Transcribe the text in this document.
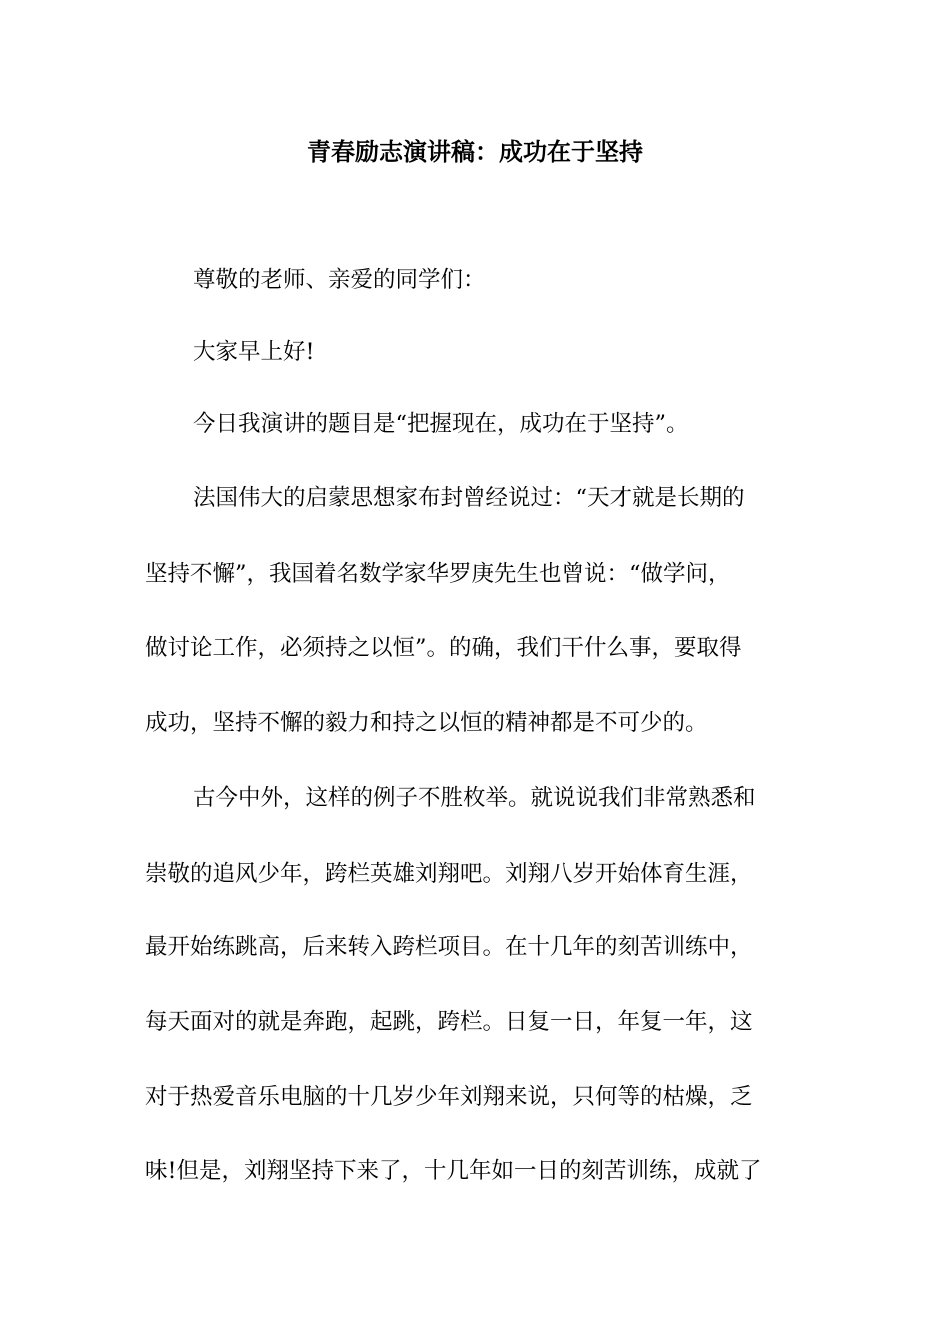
青春励志演讲稿：成功在于坚持

尊敬的老师、亲爱的同学们：

大家早上好!

今日我演讲的题目是“把握现在，成功在于坚持”。

法国伟大的启蒙思想家布封曾经说过：“天才就是长期的

坚持不懈”，我国着名数学家华罗庚先生也曾说：“做学问，

做讨论工作，必须持之以恒”。的确，我们干什么事，要取得

成功，坚持不懈的毅力和持之以恒的精神都是不可少的。

古今中外，这样的例子不胜枚举。就说说我们非常熟悉和

崇敬的追风少年，跨栏英雄刘翔吧。刘翔八岁开始体育生涯，

最开始练跳高，后来转入跨栏项目。在十几年的刻苦训练中，

每天面对的就是奔跑，起跳，跨栏。日复一日，年复一年，这

对于热爱音乐电脑的十几岁少年刘翔来说，只何等的枯燥，乏

味!但是，刘翔坚持下来了，十几年如一日的刻苦训练，成就了
